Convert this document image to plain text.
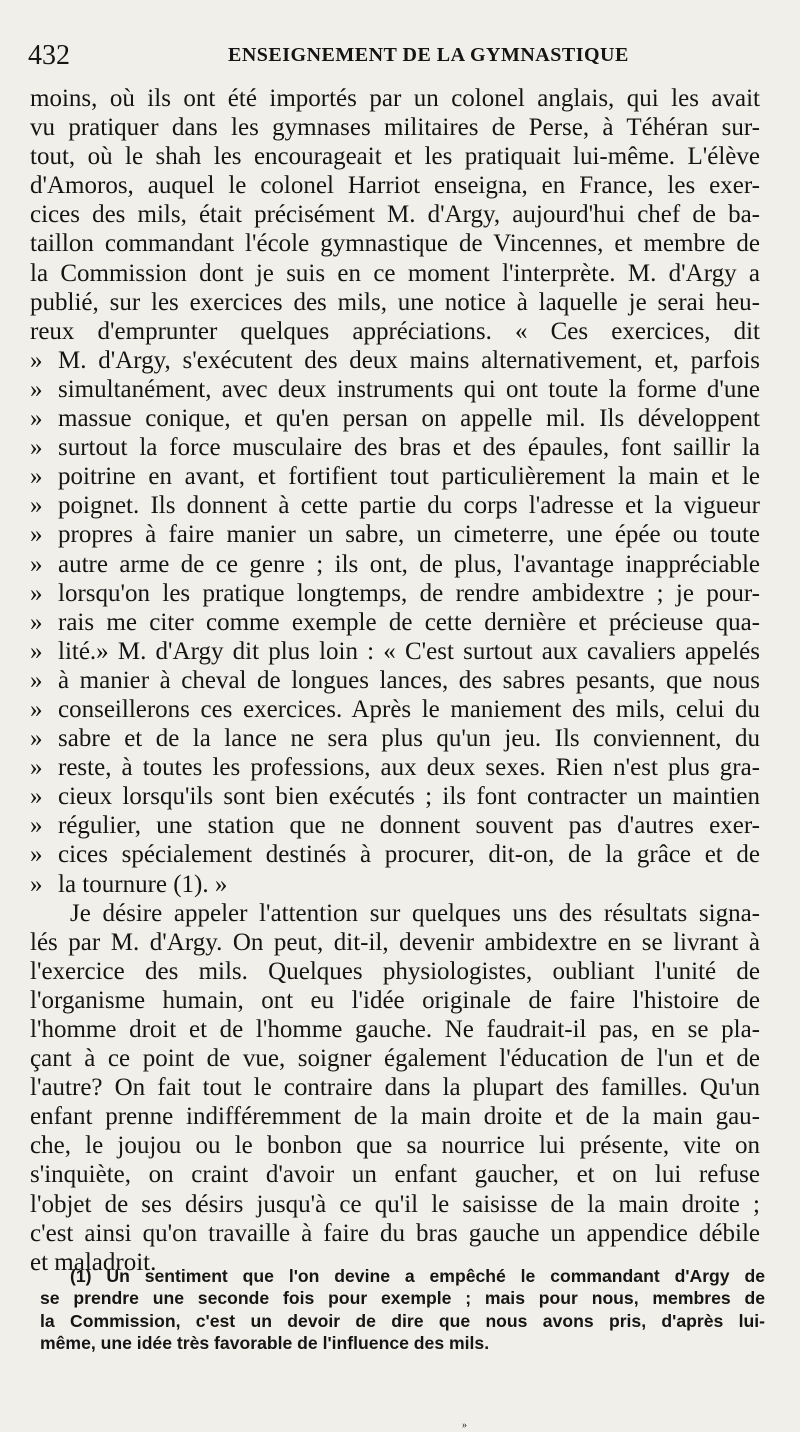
432	ENSEIGNEMENT DE LA GYMNASTIQUE
moins, où ils ont été importés par un colonel anglais, qui les avait
vu pratiquer dans les gymnases militaires de Perse, à Téhéran sur-
tout, où le shah les encourageait et les pratiquait lui-même. L'élève
d'Amoros, auquel le colonel Harriot enseigna, en France, les exer-
cices des mils, était précisément M. d'Argy, aujourd'hui chef de ba-
taillon commandant l'école gymnastique de Vincennes, et membre de
la Commission dont je suis en ce moment l'interprète. M. d'Argy a
publié, sur les exercices des mils, une notice à laquelle je serai heu-
reux d'emprunter quelques appréciations. « Ces exercices, dit
» M. d'Argy, s'exécutent des deux mains alternativement, et, parfois
» simultanément, avec deux instruments qui ont toute la forme d'une
» massue conique, et qu'en persan on appelle mil. Ils développent
» surtout la force musculaire des bras et des épaules, font saillir la
» poitrine en avant, et fortifient tout particulièrement la main et le
» poignet. Ils donnent à cette partie du corps l'adresse et la vigueur
» propres à faire manier un sabre, un cimeterre, une épée ou toute
» autre arme de ce genre ; ils ont, de plus, l'avantage inappréciable
» lorsqu'on les pratique longtemps, de rendre ambidextre ; je pour-
» rais me citer comme exemple de cette dernière et précieuse qua-
» lité.» M. d'Argy dit plus loin : « C'est surtout aux cavaliers appelés
» à manier à cheval de longues lances, des sabres pesants, que nous
» conseillerons ces exercices. Après le maniement des mils, celui du
» sabre et de la lance ne sera plus qu'un jeu. Ils conviennent, du
» reste, à toutes les professions, aux deux sexes. Rien n'est plus gra-
» cieux lorsqu'ils sont bien exécutés ; ils font contracter un maintien
» régulier, une station que ne donnent souvent pas d'autres exer-
» cices spécialement destinés à procurer, dit-on, de la grâce et de
» la tournure (1). »
Je désire appeler l'attention sur quelques uns des résultats signa-
lés par M. d'Argy. On peut, dit-il, devenir ambidextre en se livrant à
l'exercice des mils. Quelques physiologistes, oubliant l'unité de
l'organisme humain, ont eu l'idée originale de faire l'histoire de
l'homme droit et de l'homme gauche. Ne faudrait-il pas, en se pla-
çant à ce point de vue, soigner également l'éducation de l'un et de
l'autre? On fait tout le contraire dans la plupart des familles. Qu'un
enfant prenne indifféremment de la main droite et de la main gau-
che, le joujou ou le bonbon que sa nourrice lui présente, vite on
s'inquiète, on craint d'avoir un enfant gaucher, et on lui refuse
l'objet de ses désirs jusqu'à ce qu'il le saisisse de la main droite ;
c'est ainsi qu'on travaille à faire du bras gauche un appendice débile
et maladroit.
(1) Un sentiment que l'on devine a empêché le commandant d'Argy de
se prendre une seconde fois pour exemple ; mais pour nous, membres de
la Commission, c'est un devoir de dire que nous avons pris, d'après lui-
même, une idée très favorable de l'influence des mils.
»
